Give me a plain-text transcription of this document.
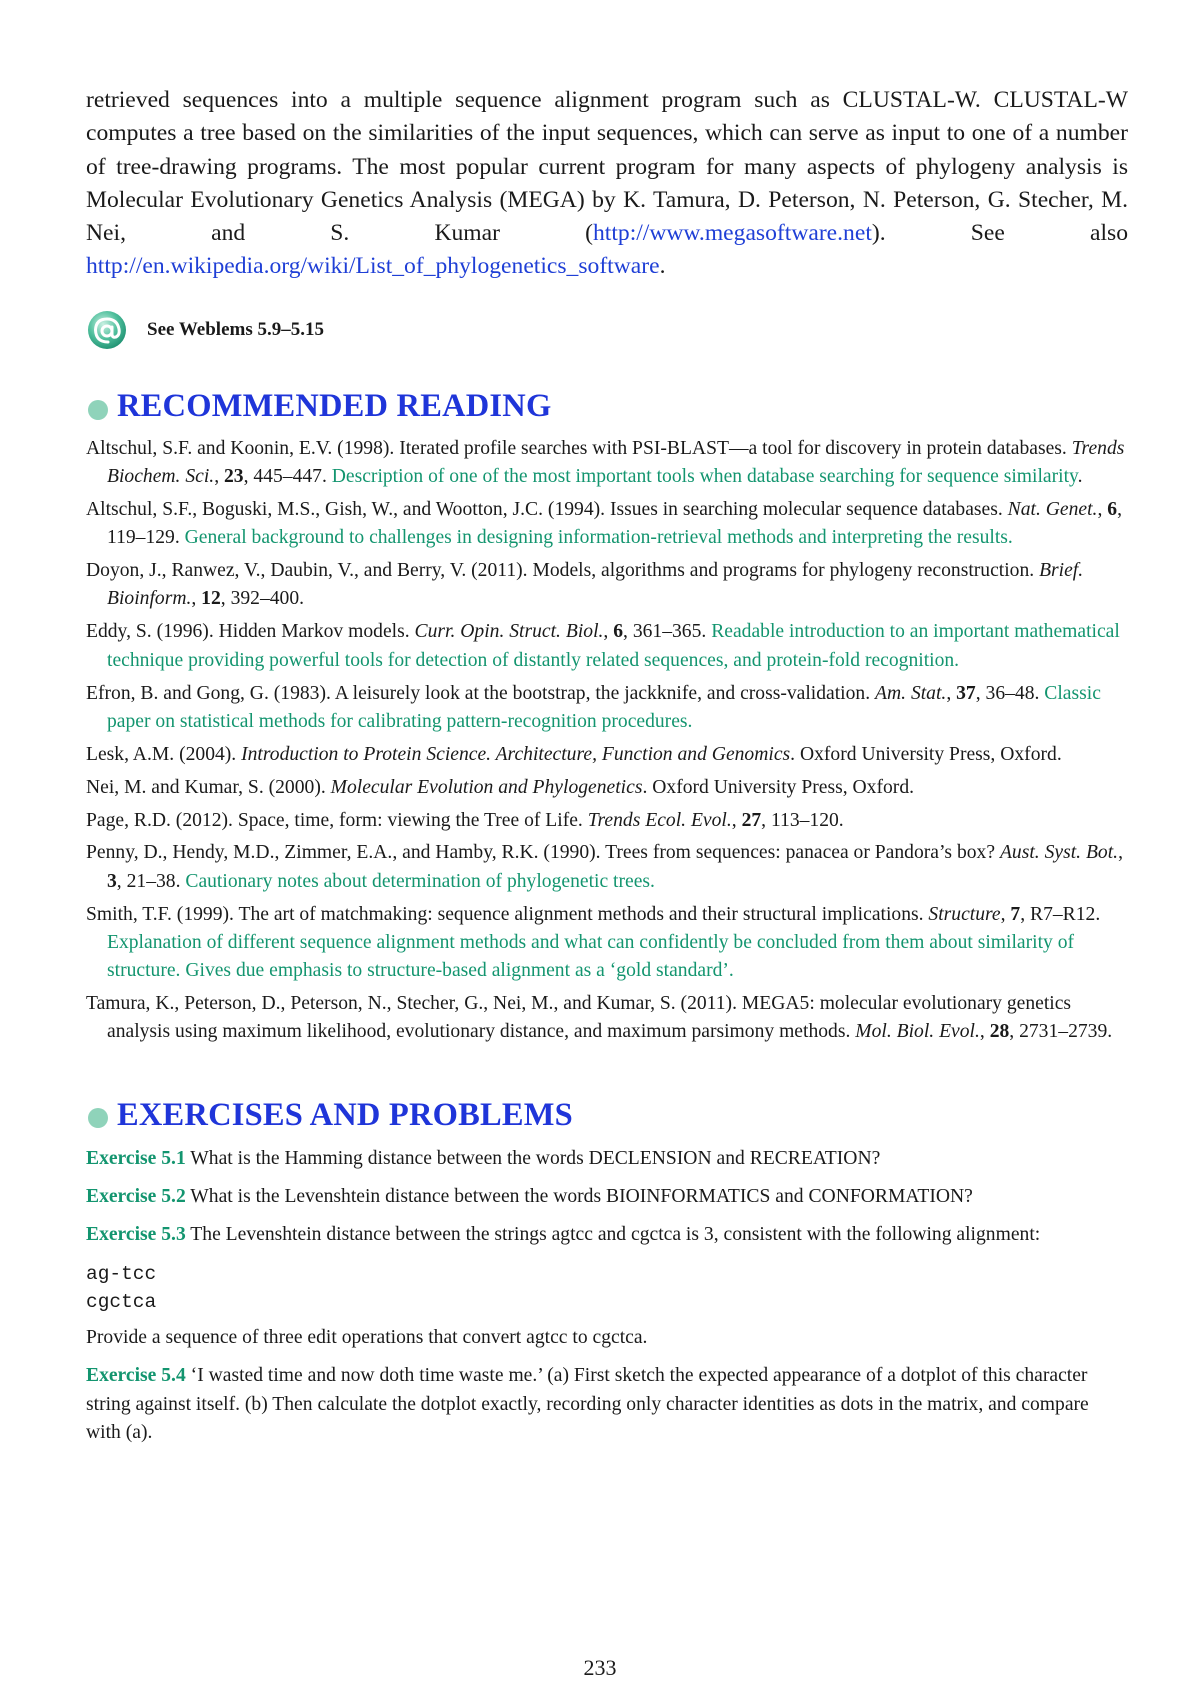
retrieved sequences into a multiple sequence alignment program such as CLUSTAL-W. CLUSTAL-W computes a tree based on the similarities of the input sequences, which can serve as input to one of a number of tree-drawing programs. The most popular current program for many aspects of phylogeny analysis is Molecular Evolutionary Genetics Analysis (MEGA) by K. Tamura, D. Peterson, N. Peterson, G. Stecher, M. Nei, and S. Kumar (http://www.megasoftware.net). See also http://en.wikipedia.org/wiki/List_of_phylogenetics_software.

See Weblems 5.9–5.15
RECOMMENDED READING

Altschul, S.F. and Koonin, E.V. (1998). Iterated profile searches with PSI-BLAST—a tool for discovery in protein databases. Trends Biochem. Sci., 23, 445–447. Description of one of the most important tools when database searching for sequence similarity.

Altschul, S.F., Boguski, M.S., Gish, W., and Wootton, J.C. (1994). Issues in searching molecular sequence databases. Nat. Genet., 6, 119–129. General background to challenges in designing information-retrieval methods and interpreting the results.

Doyon, J., Ranwez, V., Daubin, V., and Berry, V. (2011). Models, algorithms and programs for phylogeny reconstruction. Brief. Bioinform., 12, 392–400.

Eddy, S. (1996). Hidden Markov models. Curr. Opin. Struct. Biol., 6, 361–365. Readable introduction to an important mathematical technique providing powerful tools for detection of distantly related sequences, and protein-fold recognition.

Efron, B. and Gong, G. (1983). A leisurely look at the bootstrap, the jackknife, and cross-validation. Am. Stat., 37, 36–48. Classic paper on statistical methods for calibrating pattern-recognition procedures.

Lesk, A.M. (2004). Introduction to Protein Science. Architecture, Function and Genomics. Oxford University Press, Oxford.

Nei, M. and Kumar, S. (2000). Molecular Evolution and Phylogenetics. Oxford University Press, Oxford.

Page, R.D. (2012). Space, time, form: viewing the Tree of Life. Trends Ecol. Evol., 27, 113–120.

Penny, D., Hendy, M.D., Zimmer, E.A., and Hamby, R.K. (1990). Trees from sequences: panacea or Pandora’s box? Aust. Syst. Bot., 3, 21–38. Cautionary notes about determination of phylogenetic trees.

Smith, T.F. (1999). The art of matchmaking: sequence alignment methods and their structural implications. Structure, 7, R7–R12. Explanation of different sequence alignment methods and what can confidently be concluded from them about similarity of structure. Gives due emphasis to structure-based alignment as a ‘gold standard’.

Tamura, K., Peterson, D., Peterson, N., Stecher, G., Nei, M., and Kumar, S. (2011). MEGA5: molecular evolutionary genetics analysis using maximum likelihood, evolutionary distance, and maximum parsimony methods. Mol. Biol. Evol., 28, 2731–2739.

EXERCISES AND PROBLEMS

Exercise 5.1 What is the Hamming distance between the words DECLENSION and RECREATION?

Exercise 5.2 What is the Levenshtein distance between the words BIOINFORMATICS and CONFORMATION?

Exercise 5.3 The Levenshtein distance between the strings agtcc and cgctca is 3, consistent with the following alignment:

ag-tcc
cgctca

Provide a sequence of three edit operations that convert agtcc to cgctca.

Exercise 5.4 ‘I wasted time and now doth time waste me.’ (a) First sketch the expected appearance of a dotplot of this character string against itself. (b) Then calculate the dotplot exactly, recording only character identities as dots in the matrix, and compare with (a).

233
